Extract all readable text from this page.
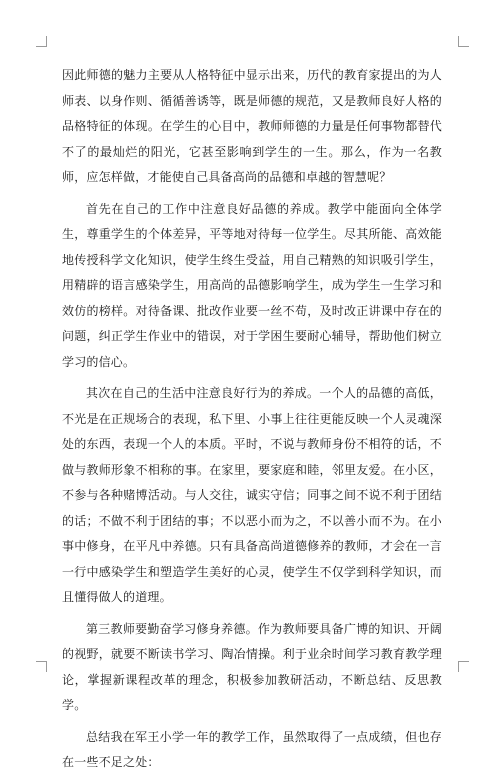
因此师德的魅力主要从人格特征中显示出来，历代的教育家提出的为人师表、以身作则、循循善诱等，既是师德的规范，又是教师良好人格的品格特征的体现。在学生的心目中，教师师德的力量是任何事物都替代不了的最灿烂的阳光，它甚至影响到学生的一生。那么，作为一名教师，应怎样做，才能使自己具备高尚的品德和卓越的智慧呢？

首先在自己的工作中注意良好品德的养成。教学中能面向全体学生，尊重学生的个体差异，平等地对待每一位学生。尽其所能、高效能地传授科学文化知识，使学生终生受益，用自己精熟的知识吸引学生，用精辟的语言感染学生，用高尚的品德影响学生，成为学生一生学习和效仿的榜样。对待备课、批改作业要一丝不苟，及时改正讲课中存在的问题，纠正学生作业中的错误，对于学困生要耐心辅导，帮助他们树立学习的信心。

其次在自己的生活中注意良好行为的养成。一个人的品德的高低，不光是在正规场合的表现，私下里、小事上往往更能反映一个人灵魂深处的东西，表现一个人的本质。平时，不说与教师身份不相符的话，不做与教师形象不相称的事。在家里，要家庭和睦，邻里友爱。在小区，不参与各种赌博活动。与人交往，诚实守信；同事之间不说不利于团结的话；不做不利于团结的事；不以恶小而为之，不以善小而不为。在小事中修身，在平凡中养德。只有具备高尚道德修养的教师，才会在一言一行中感染学生和塑造学生美好的心灵，使学生不仅学到科学知识，而且懂得做人的道理。

第三教师要勤奋学习修身养德。作为教师要具备广博的知识、开阔的视野，就要不断读书学习、陶冶情操。利于业余时间学习教育教学理论，掌握新课程改革的理念，积极参加教研活动，不断总结、反思教学。

总结我在军王小学一年的教学工作，虽然取得了一点成绩，但也存在一些不足之处：
